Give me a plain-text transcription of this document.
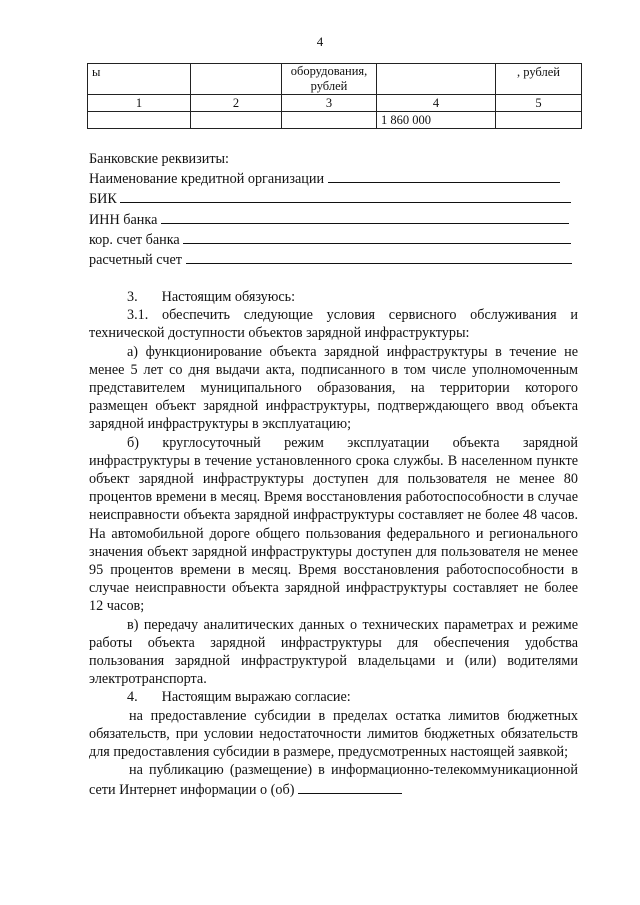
4
ы		оборудования, рублей		, рублей
1	2	3	4	5
			1 860 000	
Банковские реквизиты:
Наименование кредитной организации
БИК
ИНН банка
кор. счет банка
расчетный счет
3. Настоящим обязуюсь:

3.1. обеспечить следующие условия сервисного обслуживания и технической доступности объектов зарядной инфраструктуры:

а) функционирование объекта зарядной инфраструктуры в течение не менее 5 лет со дня выдачи акта, подписанного в том числе уполномоченным представителем муниципального образования, на территории которого размещен объект зарядной инфраструктуры, подтверждающего ввод объекта зарядной инфраструктуры в эксплуатацию;

б) круглосуточный режим эксплуатации объекта зарядной инфраструктуры в течение установленного срока службы. В населенном пункте объект зарядной инфраструктуры доступен для пользователя не менее 80 процентов времени в месяц. Время восстановления работоспособности в случае неисправности объекта зарядной инфраструктуры составляет не более 48 часов. На автомобильной дороге общего пользования федерального и регионального значения объект зарядной инфраструктуры доступен для пользователя не менее 95 процентов времени в месяц. Время восстановления работоспособности в случае неисправности объекта зарядной инфраструктуры составляет не более 12 часов;

в) передачу аналитических данных о технических параметрах и режиме работы объекта зарядной инфраструктуры для обеспечения удобства пользования зарядной инфраструктурой владельцами и (или) водителями электротранспорта.

4. Настоящим выражаю согласие:

на предоставление субсидии в пределах остатка лимитов бюджетных обязательств, при условии недостаточности лимитов бюджетных обязательств для предоставления субсидии в размере, предусмотренных настоящей заявкой;

на публикацию (размещение) в информационно-телекоммуникационной сети Интернет информации о (об)
